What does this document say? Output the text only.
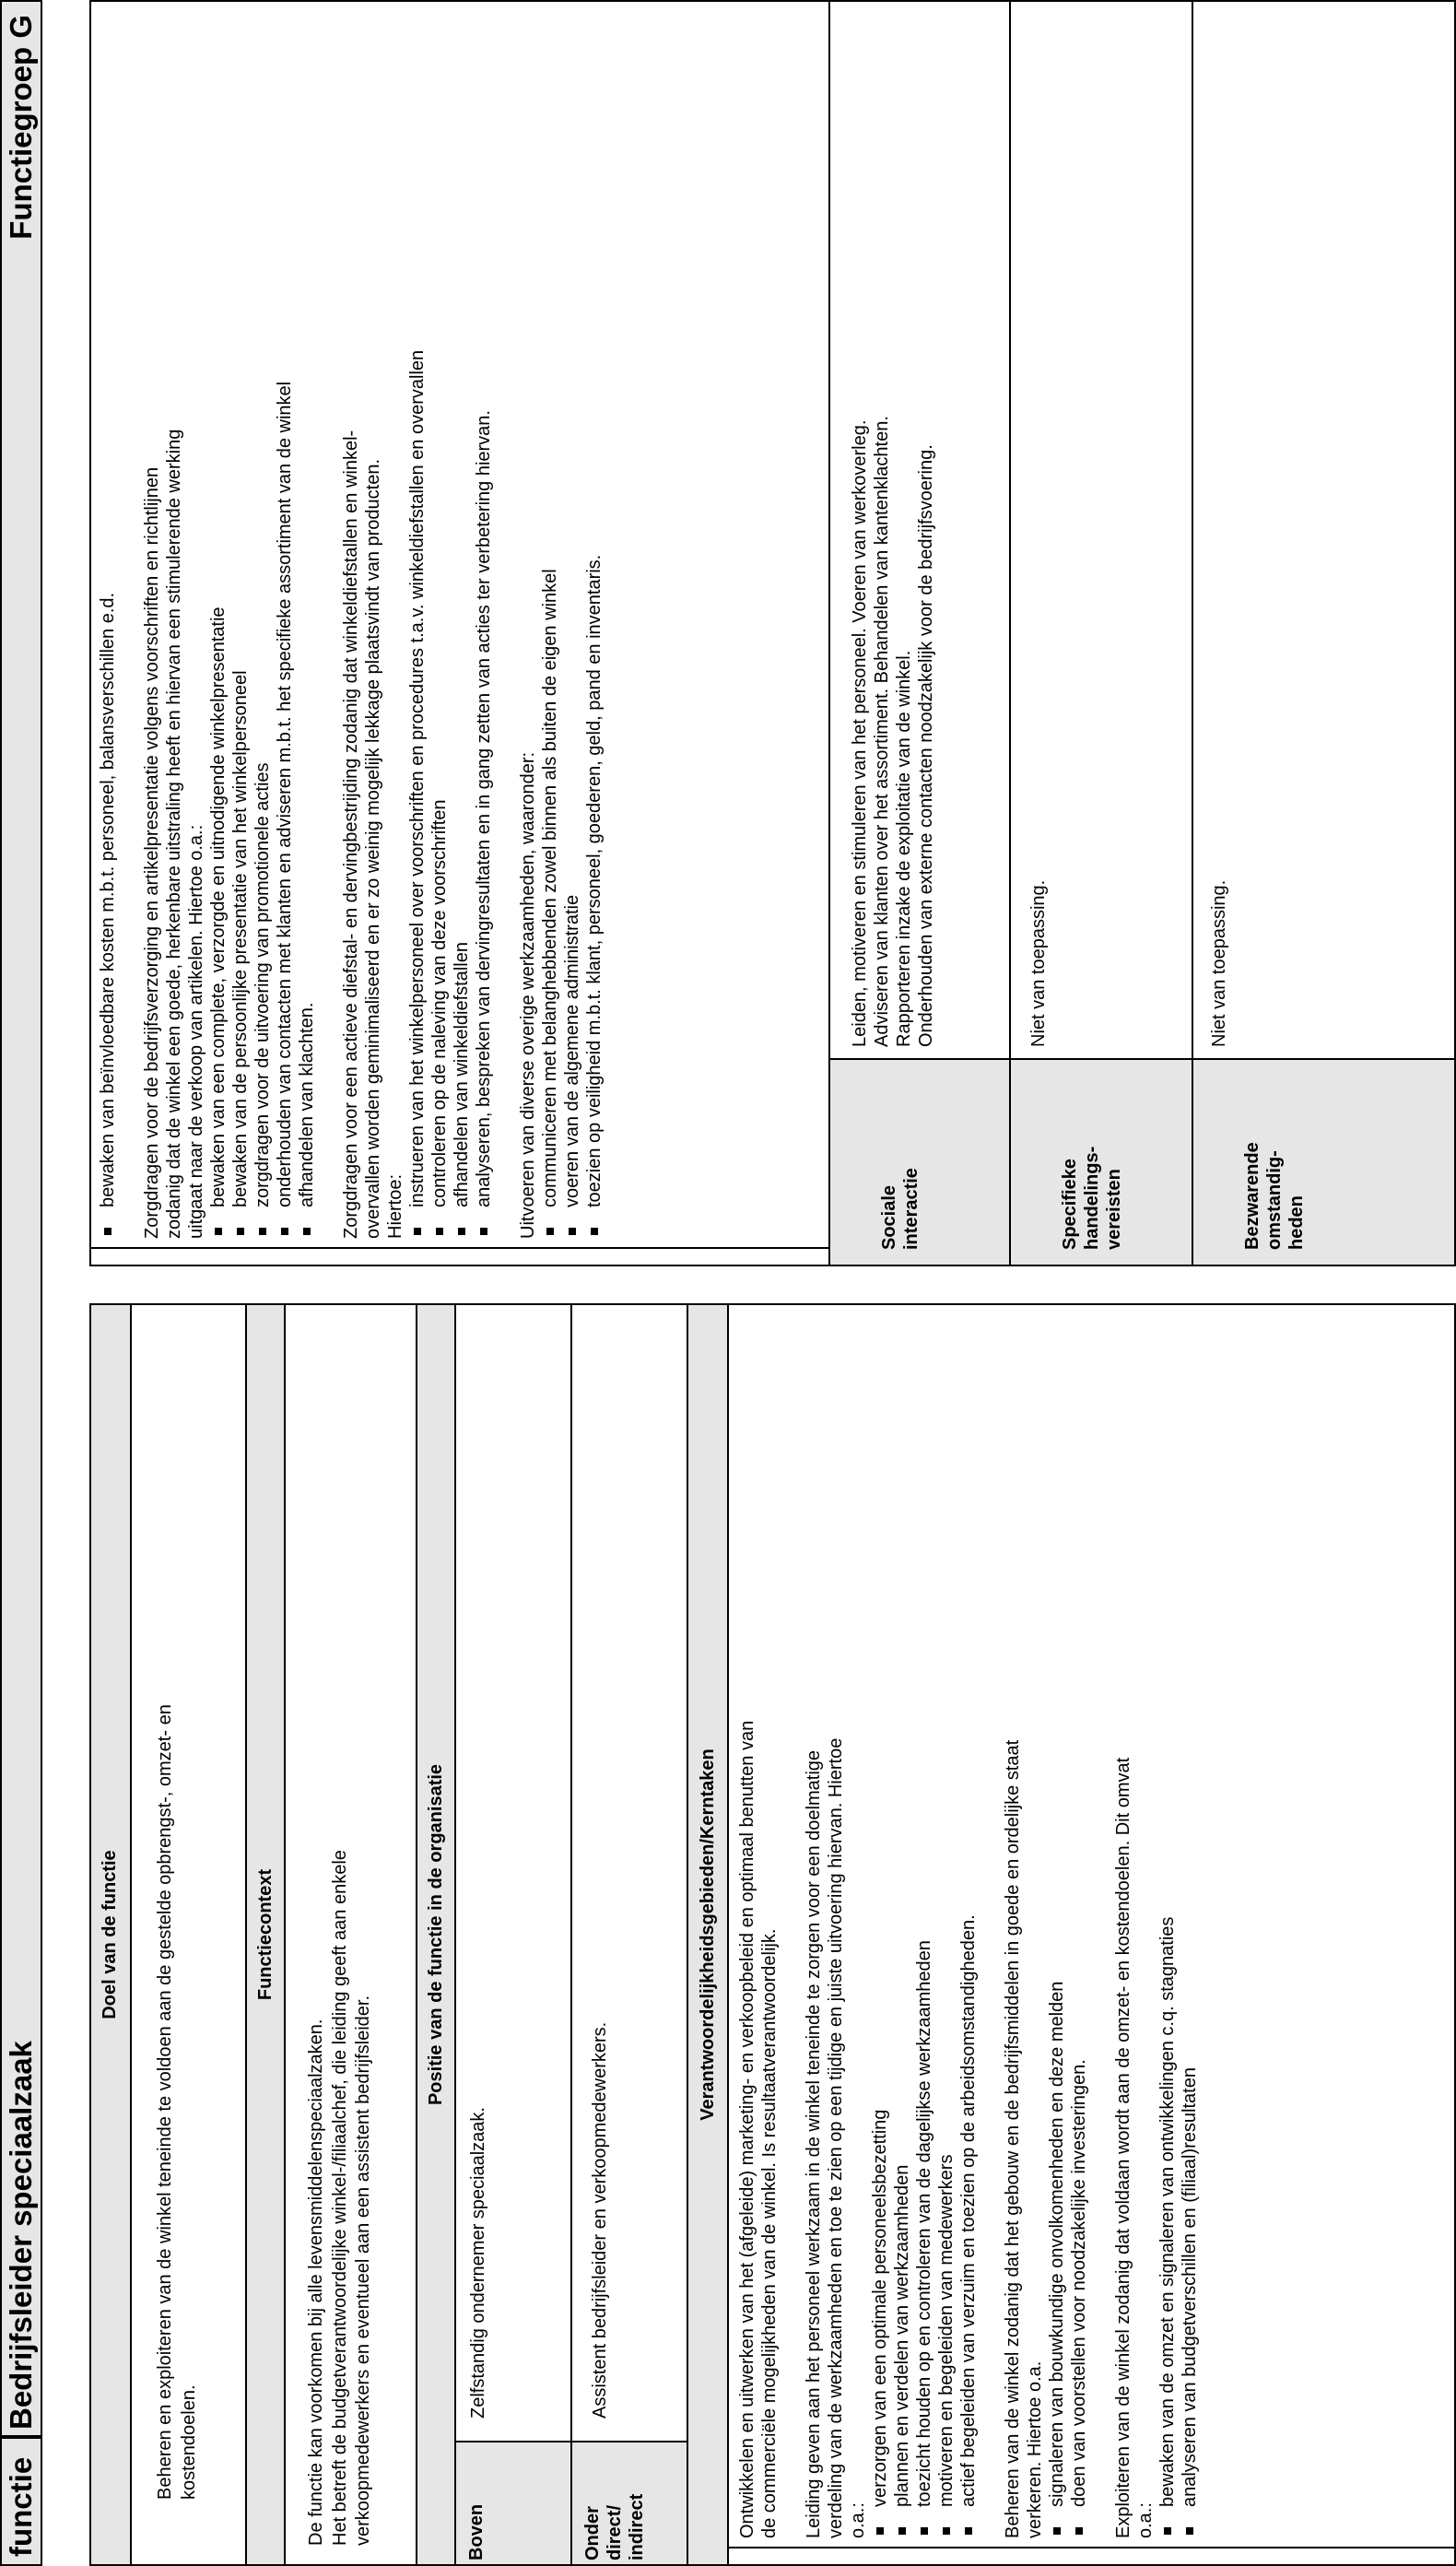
functie
Bedrijfsleider speciaalzaak
Functiegroep G
Doel van de functie	Beheren en exploiteren van de winkel teneinde te voldoen aan de gestelde opbrengst-, omzet- en kostendoelen.
Functiecontext
De functie kan voorkomen bij alle levensmiddelenspeciaalzaken. Het betreft de budgetverantwoordelijke winkel-/filiaalchef, die leiding geeft aan enkele verkoopmedewerkers en eventueel aan een assistent bedrijfsleider.
Positie van de functie in de organisatie
Boven
Zelfstandig ondernemer speciaalzaak.
Onder direct/ indirect
Assistent bedrijfsleider en verkoopmedewerkers.
Verantwoordelijkheidsgebieden/Kerntaken	Ontwikkelen en uitwerken van het (afgeleide) marketing- en verkoopbeleid en optimaal benutten van de commerciële mogelijkheden van de winkel. Is resultaatverantwoordelijk. Leiding geven aan het personeel werkzaam in de winkel teneinde te zorgen voor een doelmatige verdeling van de werkzaamheden en toe te zien op een tijdige en juiste uitvoering hiervan. Hiertoe o.a.:

verzorgen van een optimale personeelsbezetting plannen en verdelen van werkzaamheden toezicht houden op en controleren van de dagelijkse werkzaamheden motiveren en begeleiden van medewerkers actief begeleiden van verzuim en toezien op de arbeidsomstandigheden. Beheren van de winkel zodanig dat het gebouw en de bedrijfsmiddelen in goede en ordelijke staat verkeren. Hiertoe o.a. signaleren van bouwkundige onvolkomenheden en deze melden doen van voorstellen voor noodzakelijke investeringen. Exploiteren van de winkel zodanig dat voldaan wordt aan de omzet- en kostendoelen. Dit omvat o.a.:

bewaken van de omzet en signaleren van ontwikkelingen c.q. stagnaties analyseren van budgetverschillen en (filiaal)resultaten
bewaken van beïnvloedbare kosten m.b.t. personeel, balansverschillen e.d. Zorgdragen voor de bedrijfsverzorging en artikelpresentatie volgens voorschriften en richtlijnen zodanig dat de winkel een goede, herkenbare uitstraling heeft en hiervan een stimulerende werking uitgaat naar de verkoop van artikelen. Hiertoe o.a.: bewaken van een complete, verzorgde en uitnodigende winkelpresentatie bewaken van de persoonlijke presentatie van het winkelpersoneel zorgdragen voor de uitvoering van promotionele acties onderhouden van contacten met klanten en adviseren m.b.t. het specifieke assortiment van de winkel afhandelen van klachten. Zorgdragen voor een actieve diefstal- en dervingbestrijding zodanig dat winkeldiefstallen en winkel- overvallen worden geminimaliseerd en er zo weinig mogelijk lekkage plaatsvindt van producten. Hiertoe: instrueren van het winkelpersoneel over voorschriften en procedures t.a.v. winkeldiefstallen en overvallen controleren op de naleving van deze voorschriften afhandelen van winkeldiefstallen analyseren, bespreken van dervingresultaten en in gang zetten van acties ter verbetering hiervan. Uitvoeren van diverse overige werkzaamheden, waaronder: communiceren met belanghebbenden zowel binnen als buiten de eigen winkel voeren van de algemene administratie toezien op veiligheid m.b.t. klant, personeel, goederen, geld, pand en inventaris.
Sociale interactie

Leiden, motiveren en stimuleren van het personeel. Voeren van werkoverleg. Adviseren van klanten over het assortiment. Behandelen van kantenklachten. Rapporteren inzake de exploitatie van de winkel. Onderhouden van externe contacten noodzakelijk voor de bedrijfsvoering.

Specifieke handelings- vereisten

Niet van toepassing.

Bezwarende omstandig- heden

Niet van toepassing.
